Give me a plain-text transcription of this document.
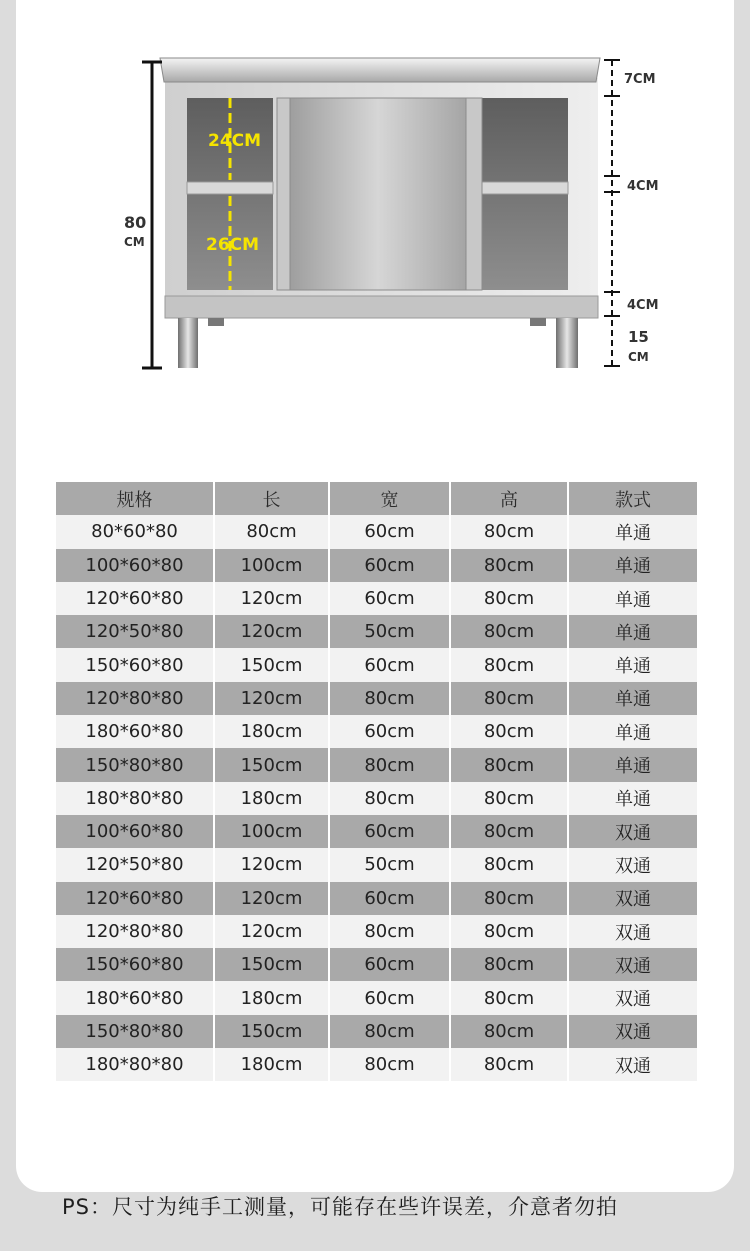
24CM
26CM
80
CM
7CM
4CM
4CM
15
CM
规格	长	宽	高	款式
80*60*80	80cm	60cm	80cm	单通
100*60*80	100cm	60cm	80cm	单通
120*60*80	120cm	60cm	80cm	单通
120*50*80	120cm	50cm	80cm	单通
150*60*80	150cm	60cm	80cm	单通
120*80*80	120cm	80cm	80cm	单通
180*60*80	180cm	60cm	80cm	单通
150*80*80	150cm	80cm	80cm	单通
180*80*80	180cm	80cm	80cm	单通
100*60*80	100cm	60cm	80cm	双通
120*50*80	120cm	50cm	80cm	双通
120*60*80	120cm	60cm	80cm	双通
120*80*80	120cm	80cm	80cm	双通
150*60*80	150cm	60cm	80cm	双通
180*60*80	180cm	60cm	80cm	双通
150*80*80	150cm	80cm	80cm	双通
180*80*80	180cm	80cm	80cm	双通
PS：尺寸为纯手工测量，可能存在些许误差，介意者勿拍
